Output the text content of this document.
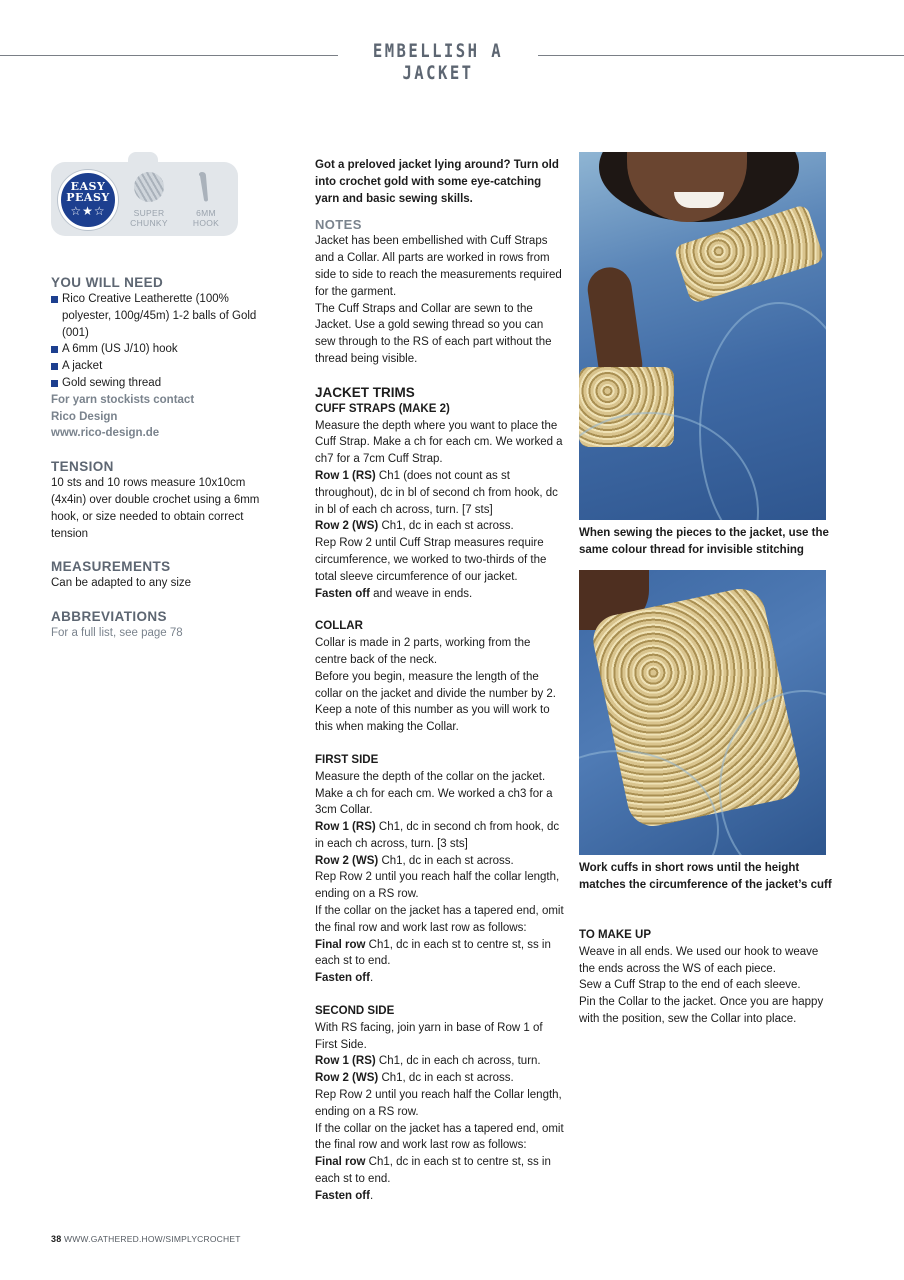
EMBELLISH A JACKET
EASY
PEASY
☆★☆	SUPER
CHUNKY
6MM
HOOK
YOU WILL NEED
Rico Creative Leatherette (100% polyester, 100g/45m) 1-2 balls of Gold (001)
A 6mm (US J/10) hook
A jacket
Gold sewing thread
For yarn stockists contact
Rico Design
www.rico-design.de
TENSION
10 sts and 10 rows measure 10x10cm (4x4in) over double crochet using a 6mm hook, or size needed to obtain correct tension
MEASUREMENTS
Can be adapted to any size
ABBREVIATIONS
For a full list, see page 78
Got a preloved jacket lying around? Turn old into crochet gold with some eye-catching yarn and basic sewing skills.
NOTES
Jacket has been embellished with Cuff Straps and a Collar. All parts are worked in rows from side to side to reach the measurements required for the garment.
The Cuff Straps and Collar are sewn to the Jacket. Use a gold sewing thread so you can sew through to the RS of each part without the thread being visible.
JACKET TRIMS
CUFF STRAPS (MAKE 2)
Measure the depth where you want to place the Cuff Strap. Make a ch for each cm. We worked a ch7 for a 7cm Cuff Strap.
Row 1 (RS) Ch1 (does not count as st throughout), dc in bl of second ch from hook, dc in bl of each ch across, turn. [7 sts]
Row 2 (WS) Ch1, dc in each st across.
Rep Row 2 until Cuff Strap measures require circumference, we worked to two-thirds of the total sleeve circumference of our jacket.
Fasten off and weave in ends.
COLLAR
Collar is made in 2 parts, working from the centre back of the neck.
Before you begin, measure the length of the collar on the jacket and divide the number by 2. Keep a note of this number as you will work to this when making the Collar.
FIRST SIDE
Measure the depth of the collar on the jacket. Make a ch for each cm. We worked a ch3 for a 3cm Collar.
Row 1 (RS) Ch1, dc in second ch from hook, dc in each ch across, turn. [3 sts]
Row 2 (WS) Ch1, dc in each st across.
Rep Row 2 until you reach half the collar length, ending on a RS row.
If the collar on the jacket has a tapered end, omit the final row and work last row as follows:
Final row Ch1, dc in each st to centre st, ss in each st to end.
Fasten off.
SECOND SIDE
With RS facing, join yarn in base of Row 1 of First Side.
Row 1 (RS) Ch1, dc in each ch across, turn.
Row 2 (WS) Ch1, dc in each st across.
Rep Row 2 until you reach half the Collar length, ending on a RS row.
If the collar on the jacket has a tapered end, omit the final row and work last row as follows:
Final row Ch1, dc in each st to centre st, ss in each st to end.
Fasten off.
When sewing the pieces to the jacket, use the same colour thread for invisible stitching
Work cuffs in short rows until the height matches the circumference of the jacket’s cuff
TO MAKE UP
Weave in all ends. We used our hook to weave the ends across the WS of each piece.
Sew a Cuff Strap to the end of each sleeve.
Pin the Collar to the jacket. Once you are happy with the position, sew the Collar into place.
38 WWW.GATHERED.HOW/SIMPLYCROCHET
